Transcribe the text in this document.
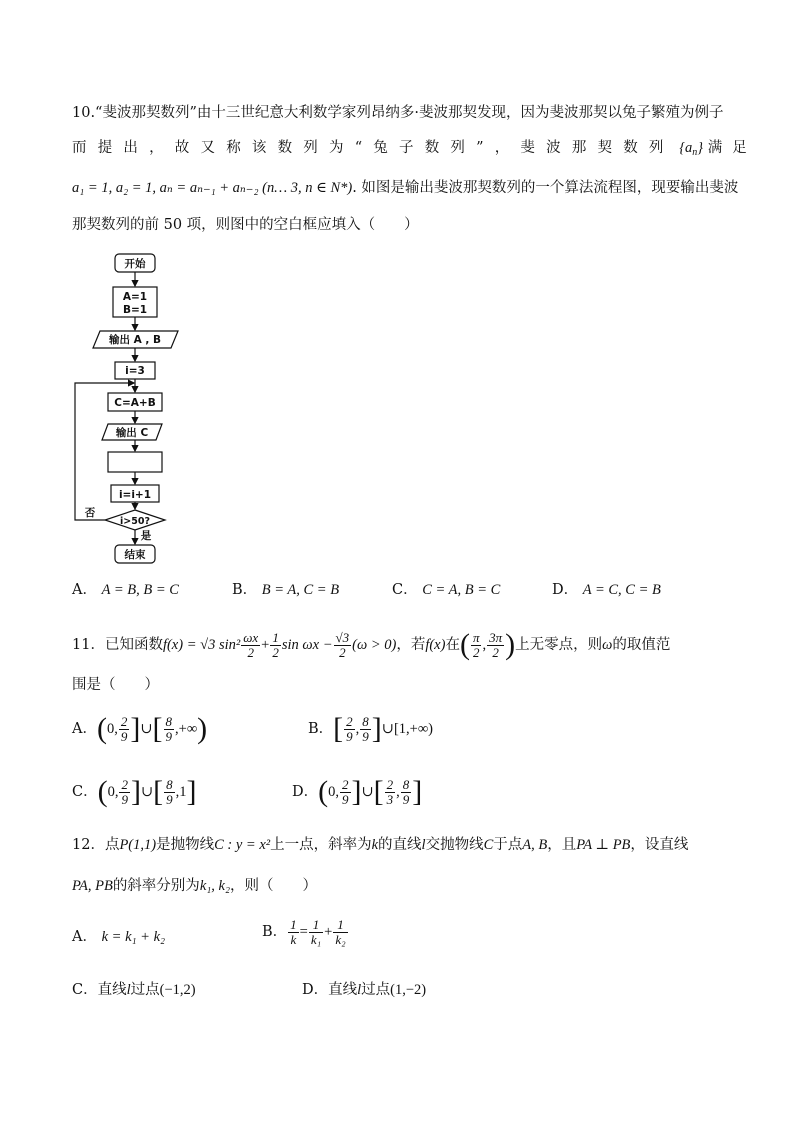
10.“斐波那契数列”由十三世纪意大利数学家列昂纳多·斐波那契发现，因为斐波那契以兔子繁殖为例子
而提出，故又称该数列为“兔子数列”，斐波那契数列 $\{a_n\}$ 满足
a₁ = 1, a₂ = 1, aₙ = aₙ₋₁ + aₙ₋₂ (n… 3, n ∈ N*). 如图是输出斐波那契数列的一个算法流程图，现要输出斐波
那契数列的前 50 项，则图中的空白框应填入（　　）
开始
A=1
B=1
输出 A , B
i=3
C=A+B
输出 C
i=i+1
i>50?
否
是
结束
A． A = B, B = C	B． B = A, C = B	C． C = A, B = C	D． A = C, C = B
11．已知函数f(x) = √3 $\sin^2 \frac{\omega x}{2} + \frac{1}{2}$ $\sin \omega x - \frac{√3}{2} (\omega > 0)$，若f(x)在( $\frac{\pi}{2}$ , $\frac{3\pi}{2}$ )上无零点，则ω的取值范
围是（　　）
A．(0, $\frac{2}{9}$ ]∪[ $\frac{8}{9}$ ,+∞)	B．[ $\frac{2}{9}$ , $\frac{8}{9}$ ]∪[1,+∞)
C．(0, $\frac{2}{9}$ ]∪[ $\frac{8}{9} ,1$]	D．(0, $\frac{2}{9}$ ]∪[ $\frac{2}{3}$ , $\frac{8}{9}$ ]
12．点P(1,1)是抛物线C : y = x²上一点，斜率为k的直线l交抛物线C于点A, B，且PA ⊥ PB，设直线
PA, PB的斜率分别为k₁, k₂，则（　　）
A． k = k₁ + k₂	B． $\frac{1}{k} = \frac{1}{\text{k₁}} + \frac{1}{\text{k₂}}$
C．直线l过点(−1,2)	D．直线l过点(1,−2)
